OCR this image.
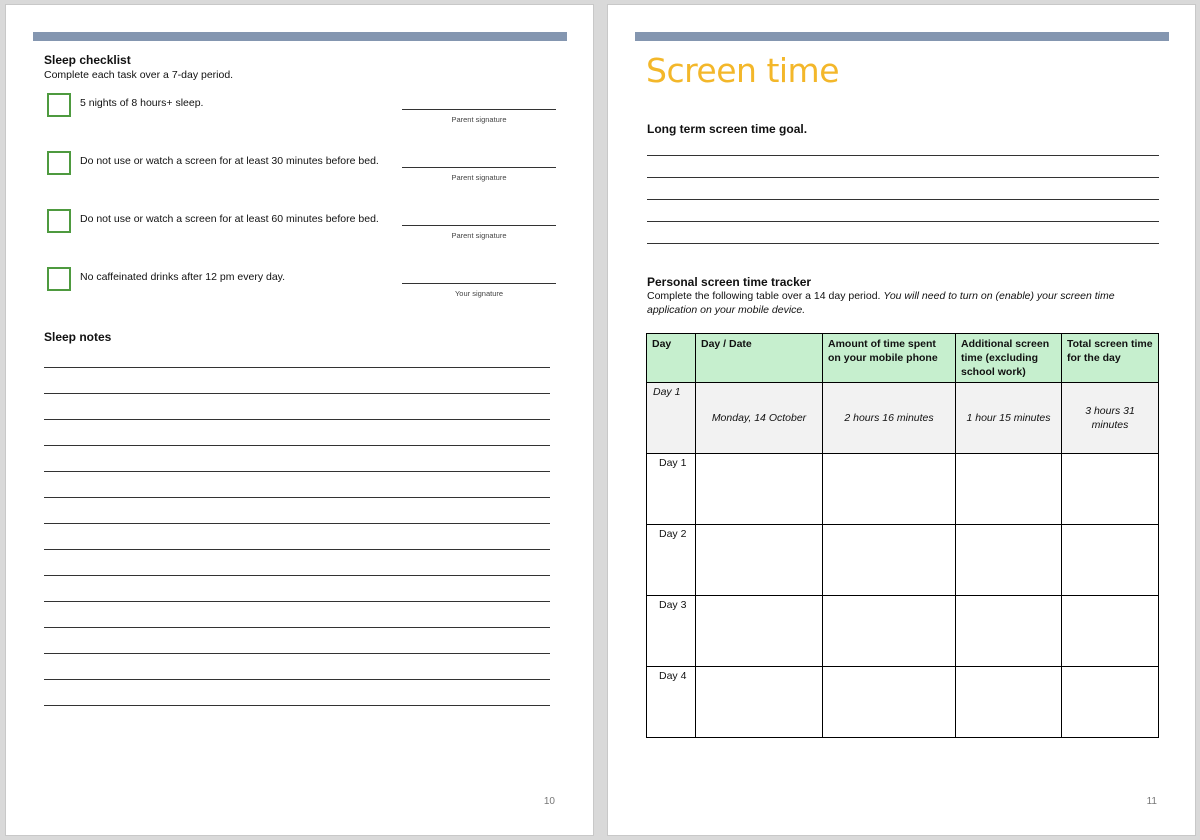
Sleep checklist
Complete each task over a 7-day period.
5 nights of 8 hours+ sleep.
Parent signature
Do not use or watch a screen for at least 30 minutes before bed.
Parent signature
Do not use or watch a screen for at least 60 minutes before bed.
Parent signature
No caffeinated drinks after 12 pm every day.
Your signature
Sleep notes
10
Screen time
Long term screen time goal.
Personal screen time tracker
Complete the following table over a 14 day period. You will need to turn on (enable) your screen time application on your mobile device.
Day	Day / Date	Amount of time spent on your mobile phone	Additional screen time (excluding school work)	Total screen time for the day
Day 1	Monday, 14 October	2 hours 16 minutes	1 hour 15 minutes	3 hours 31 minutes
Day 1				
Day 2				
Day 3				
Day 4				
11
